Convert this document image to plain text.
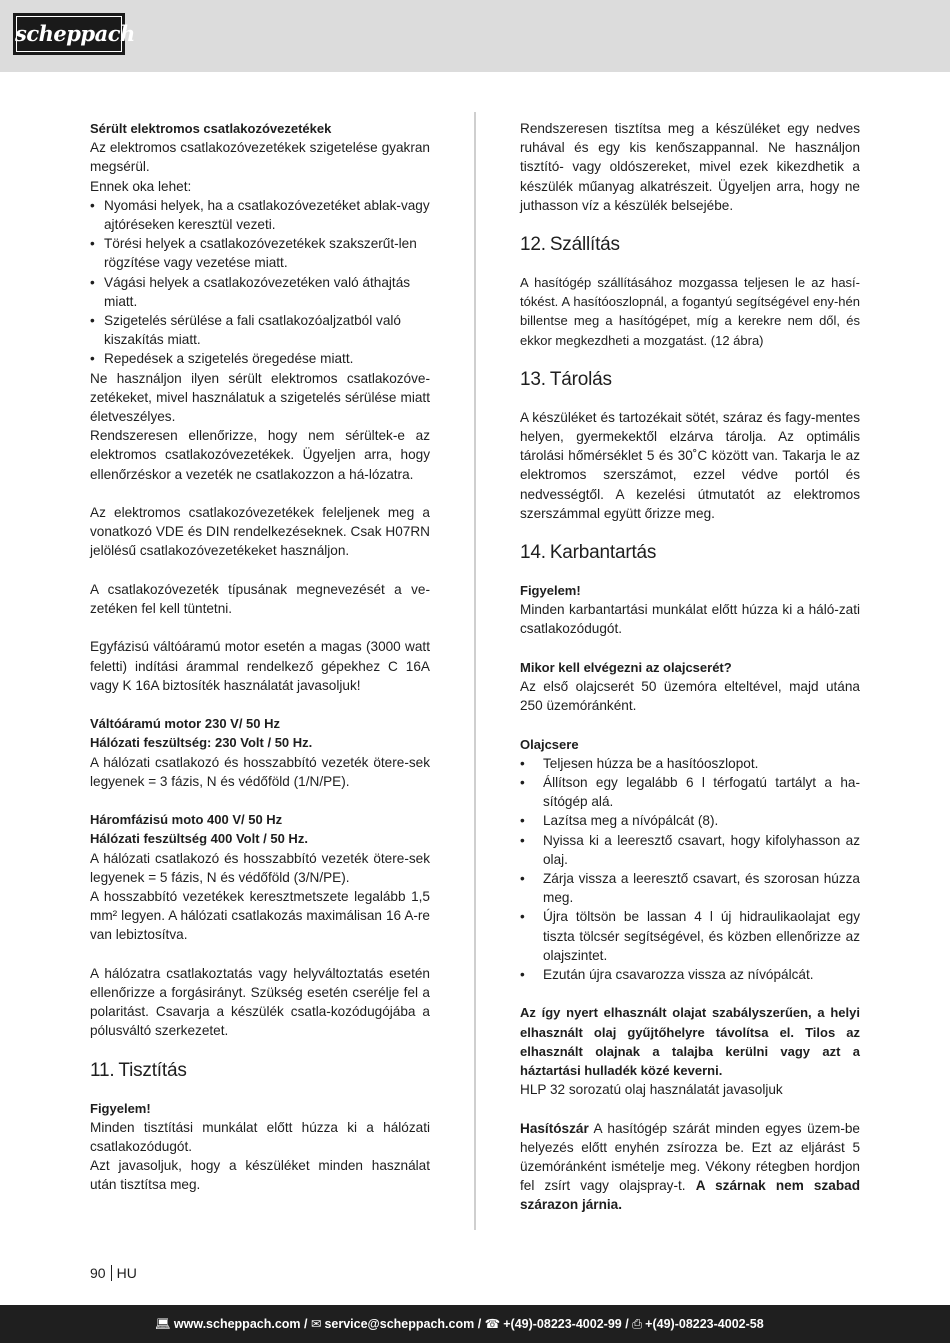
scheppach
Sérült elektromos csatlakozóvezetékek
Az elektromos csatlakozóvezetékek szigetelése gyakran megsérül.
Ennek oka lehet:
• Nyomási helyek, ha a csatlakozóvezetéket ablak-vagy ajtóréseken keresztül vezeti.
• Törési helyek a csatlakozóvezetékek szakszerűt-len rögzítése vagy vezetése miatt.
• Vágási helyek a csatlakozóvezetéken való áthajtás miatt.
• Szigetelés sérülése a fali csatlakozóaljzatból való kiszakítás miatt.
• Repedések a szigetelés öregedése miatt.
Ne használjon ilyen sérült elektromos csatlakozóve-zetékeket, mivel használatuk a szigetelés sérülése miatt életveszélyes.
Rendszeresen ellenőrizze, hogy nem sérültek-e az elektromos csatlakozóvezetékek. Ügyeljen arra, hogy ellenőrzéskor a vezeték ne csatlakozzon a há-lózatra.
Az elektromos csatlakozóvezetékek feleljenek meg a vonatkozó VDE és DIN rendelkezéseknek. Csak H07RN jelölésű csatlakozóvezetékeket használjon.
A csatlakozóvezeték típusának megnevezését a ve-zetéken fel kell tüntetni.
Egyfázisú váltóáramú motor esetén a magas (3000 watt feletti) indítási árammal rendelkező gépekhez C 16A vagy K 16A biztosíték használatát javasoljuk!
Váltóáramú motor 230 V/ 50 Hz
Hálózati feszültség: 230 Volt / 50 Hz.
A hálózati csatlakozó és hosszabbító vezeték ötere-sek legyenek = 3 fázis, N és védőföld (1/N/PE).
Háromfázisú moto 400 V/ 50 Hz
Hálózati feszültség 400 Volt / 50 Hz.
A hálózati csatlakozó és hosszabbító vezeték ötere-sek legyenek = 5 fázis, N és védőföld (3/N/PE).
A hosszabbító vezetékek keresztmetszete legalább 1,5 mm² legyen. A hálózati csatlakozás maximálisan 16 A-re van lebiztosítva.
A hálózatra csatlakoztatás vagy helyváltoztatás esetén ellenőrizze a forgásirányt. Szükség esetén cserélje fel a polaritást. Csavarja a készülék csatla-kozódugójába a pólusváltó szerkezetet.
11. Tisztítás
Figyelem!
Minden tisztítási munkálat előtt húzza ki a hálózati csatlakozódugót.
Azt javasoljuk, hogy a készüléket minden használat után tisztítsa meg.
Rendszeresen tisztítsa meg a készüléket egy nedves ruhával és egy kis kenőszappannal. Ne használjon tisztító- vagy oldószereket, mivel ezek kikezdhetik a készülék műanyag alkatrészeit. Ügyeljen arra, hogy ne juthasson víz a készülék belsejébe.
12. Szállítás
A hasítógép szállításához mozgassa teljesen le az hasí-tókést. A hasítóoszlopnál, a fogantyú segítségével eny-hén billentse meg a hasítógépet, míg a kerekre nem dől, és ekkor megkezdheti a mozgatást. (12 ábra)
13. Tárolás
A készüléket és tartozékait sötét, száraz és fagy-mentes helyen, gyermekektől elzárva tárolja. Az optimális tárolási hőmérséklet 5 és 30˚C között van. Takarja le az elektromos szerszámot, ezzel védve portól és nedvességtől. A kezelési útmutatót az elektromos szerszámmal együtt őrizze meg.
14. Karbantartás
Figyelem!
Minden karbantartási munkálat előtt húzza ki a háló-zati csatlakozódugót.
Mikor kell elvégezni az olajcserét?
Az első olajcserét 50 üzemóra elteltével, majd utána 250 üzemóránként.
Olajcsere
• Teljesen húzza be a hasítóoszlopot.
• Állítson egy legalább 6 l térfogatú tartályt a ha-sítógép alá.
• Lazítsa meg a nívópálcát (8).
• Nyissa ki a leeresztő csavart, hogy kifolyhasson az olaj.
• Zárja vissza a leeresztő csavart, és szorosan húzza meg.
• Újra töltsön be lassan 4 l új hidraulikaolajat egy tiszta tölcsér segítségével, és közben ellenőrizze az olajszintet.
• Ezután újra csavarozza vissza az nívópálcát.
Az így nyert elhasznált olajat szabályszerűen, a helyi elhasznált olaj gyűjtőhelyre távolítsa el. Tilos az elhasznált olajnak a talajba kerülni vagy azt a háztartási hulladék közé keverni.
HLP 32 sorozatú olaj használatát javasoljuk
Hasítószár A hasítógép szárát minden egyes üzem-be helyezés előtt enyhén zsírozza be. Ezt az eljárást 5 üzemóránként ismételje meg. Vékony rétegben hordjon fel zsírt vagy olajspray-t. A szárnak nem szabad szárazon járnia.
90 HU
💻︎ www.scheppach.com / ✉︎ service@scheppach.com / ☎︎ +(49)-08223-4002-99 / ⎙ +(49)-08223-4002-58
